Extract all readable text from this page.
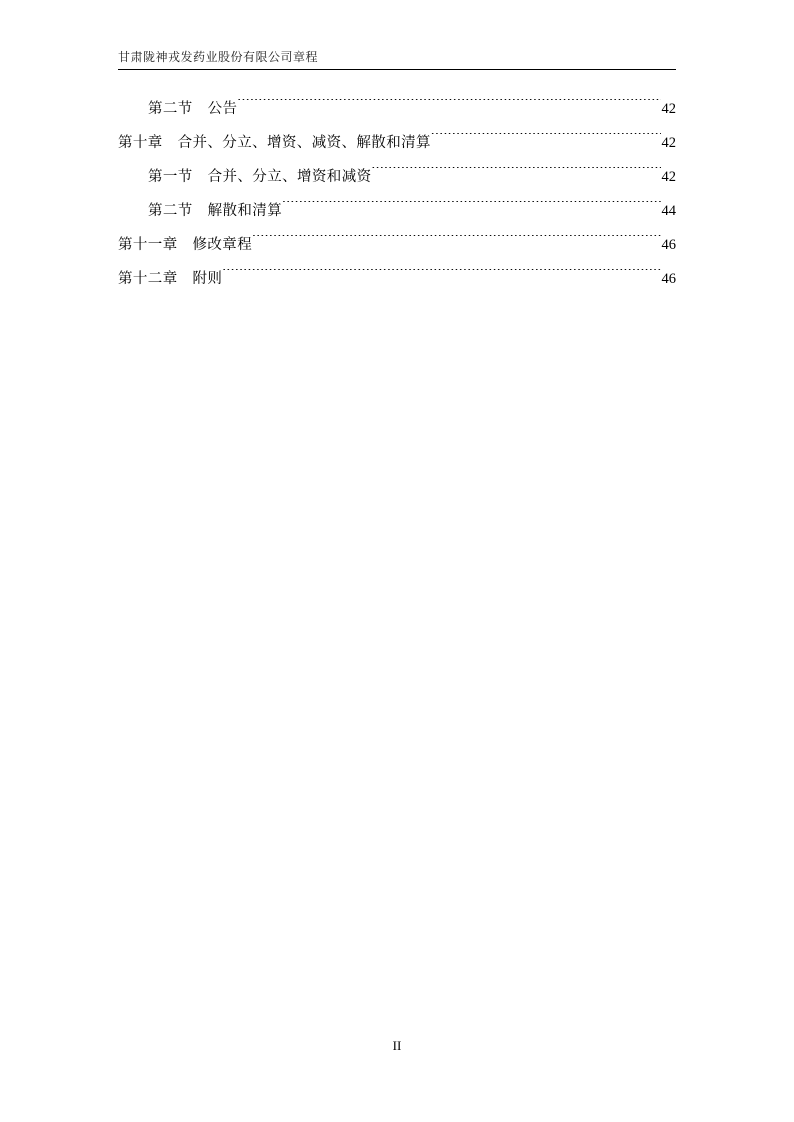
甘肃陇神戎发药业股份有限公司章程
第二节　公告 .....	42
第十章　合并、分立、增资、减资、解散和清算 .....	42
第一节　合并、分立、增资和减资 .....	42
第二节　解散和清算 .....	44
第十一章　修改章程 .....	46
第十二章　附则 .....	46
II
